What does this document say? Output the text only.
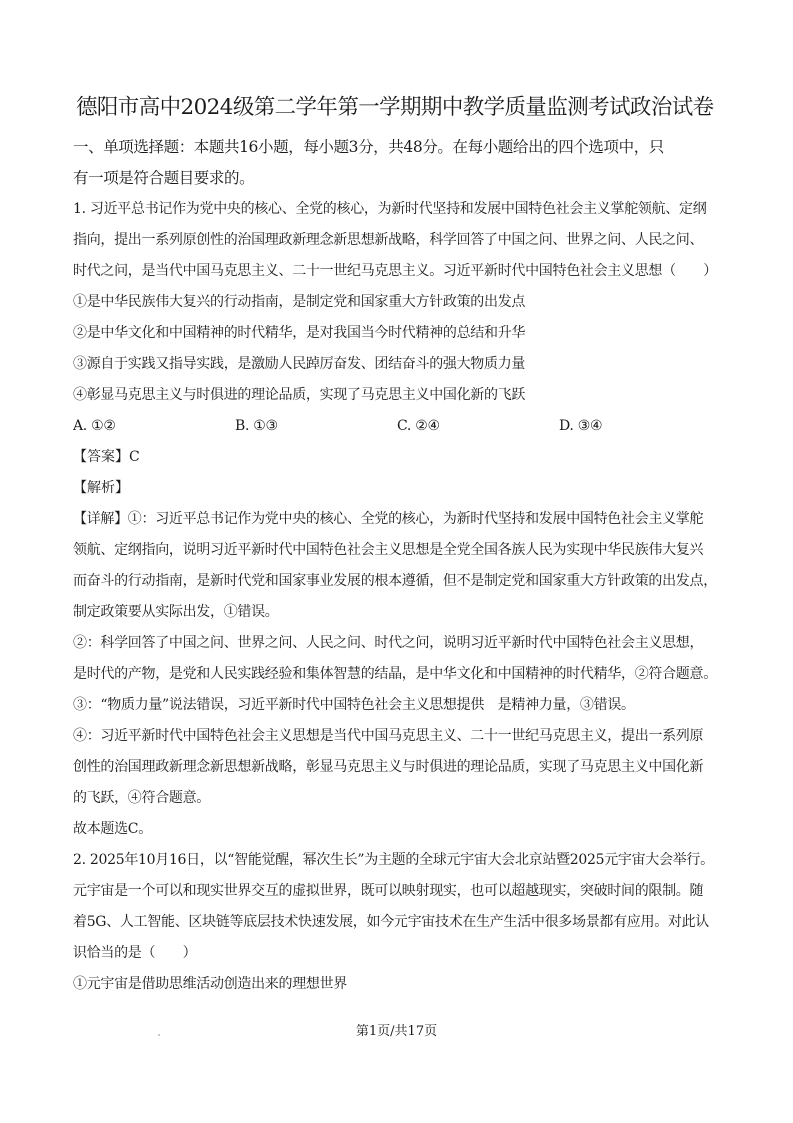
德阳市高中2024级第二学年第一学期期中教学质量监测考试政治试卷
一、单项选择题：本题共16小题，每小题3分，共48分。在每小题给出的四个选项中，只
有一项是符合题目要求的。
1. 习近平总书记作为党中央的核心、全党的核心，为新时代坚持和发展中国特色社会主义掌舵领航、定纲
指向，提出一系列原创性的治国理政新理念新思想新战略，科学回答了中国之问、世界之问、人民之问、
时代之问，是当代中国马克思主义、二十一世纪马克思主义。习近平新时代中国特色社会主义思想（　　）
①是中华民族伟大复兴的行动指南，是制定党和国家重大方针政策的出发点
②是中华文化和中国精神的时代精华，是对我国当今时代精神的总结和升华
③源自于实践又指导实践，是激励人民踔厉奋发、团结奋斗的强大物质力量
④彰显马克思主义与时俱进的理论品质，实现了马克思主义中国化新的飞跃
A. ①②	B. ①③	C. ②④	D. ③④
【答案】C
【解析】
【详解】①：习近平总书记作为党中央的核心、全党的核心，为新时代坚持和发展中国特色社会主义掌舵
领航、定纲指向，说明习近平新时代中国特色社会主义思想是全党全国各族人民为实现中华民族伟大复兴
而奋斗的行动指南，是新时代党和国家事业发展的根本遵循，但不是制定党和国家重大方针政策的出发点，
制定政策要从实际出发，①错误。
②：科学回答了中国之问、世界之问、人民之问、时代之问，说明习近平新时代中国特色社会主义思想，
是时代的产物，是党和人民实践经验和集体智慧的结晶，是中华文化和中国精神的时代精华，②符合题意。
③：“物质力量”说法错误，习近平新时代中国特色社会主义思想提供　是精神力量，③错误。
④：习近平新时代中国特色社会主义思想是当代中国马克思主义、二十一世纪马克思主义，提出一系列原
创性的治国理政新理念新思想新战略，彰显马克思主义与时俱进的理论品质，实现了马克思主义中国化新
的飞跃，④符合题意。
故本题选C。
2. 2025年10月16日，以“智能觉醒，幂次生长”为主题的全球元宇宙大会北京站暨2025元宇宙大会举行。
元宇宙是一个可以和现实世界交互的虚拟世界，既可以映射现实，也可以超越现实，突破时间的限制。随
着5G、人工智能、区块链等底层技术快速发展，如今元宇宙技术在生产生活中很多场景都有应用。对此认
识恰当的是（　　）
①元宇宙是借助思维活动创造出来的理想世界
第1页/共17页
